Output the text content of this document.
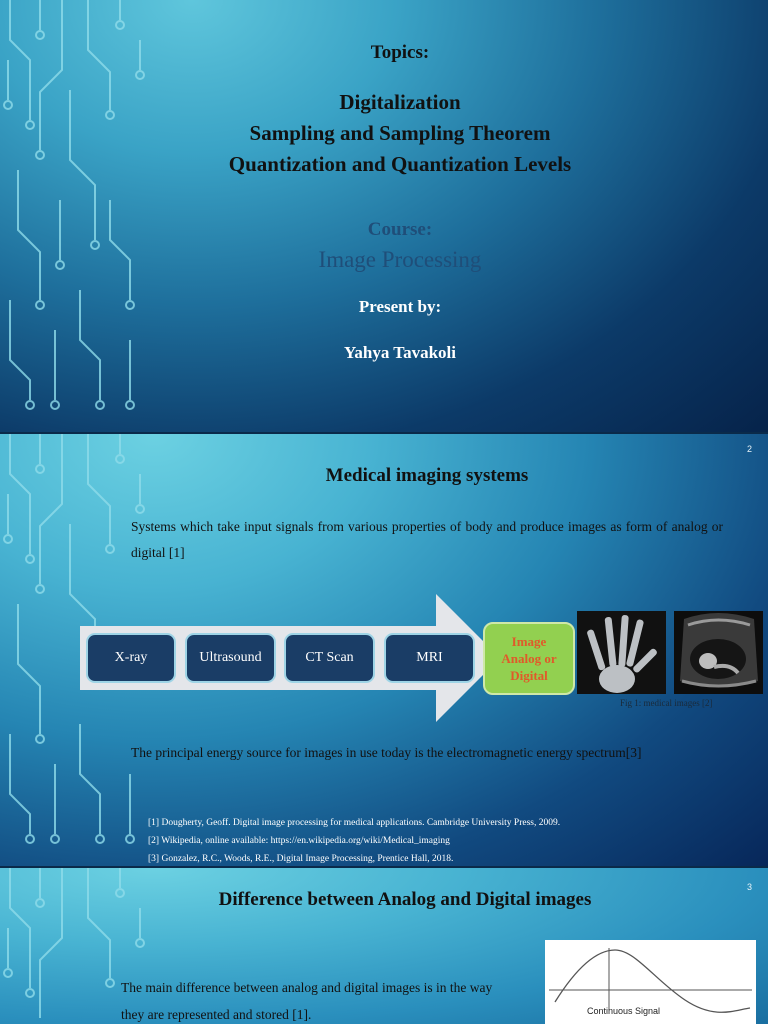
Topics:
Digitalization
Sampling and Sampling Theorem
Quantization and Quantization Levels
Course:
Image Processing
Present by:
Yahya Tavakoli
2
Medical imaging systems
Systems which take input signals from various properties of body and produce images as form of analog or digital [1]
X-ray	Ultrasound	CT Scan	MRI
Image
Analog or
Digital
Fig 1: medical images [2]
The principal energy source for images in use today is the electromagnetic energy spectrum[3]
[1] Dougherty, Geoff. Digital image processing for medical applications. Cambridge University Press, 2009.
[2] Wikipedia, online available: https://en.wikipedia.org/wiki/Medical_imaging
[3] Gonzalez, R.C., Woods, R.E., Digital Image Processing, Prentice Hall, 2018.
3
Difference between Analog and Digital images
The main difference between analog and digital images is in the way
they are represented and stored [1].	Continuous Signal
